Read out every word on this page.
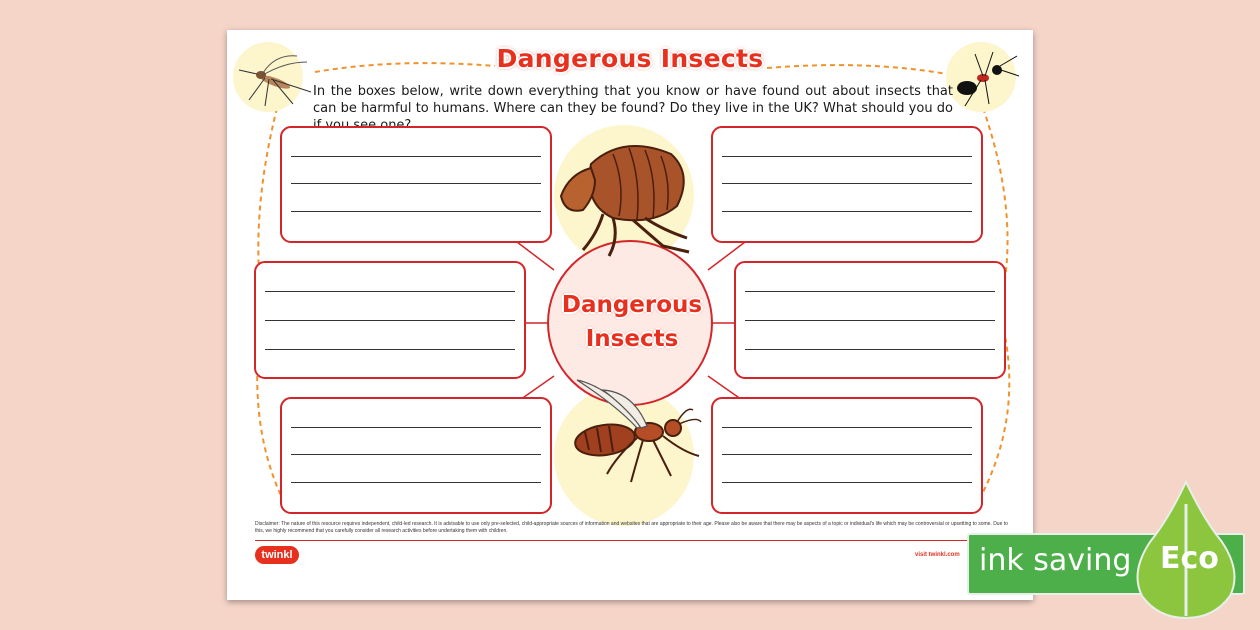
Dangerous Insects
In the boxes below, write down everything that you know or have found out about insects that can be harmful to humans. Where can they be found? Do they live in the UK? What should you do
Dangerous
Insects
Disclaimer: The nature of this resource requires independent, child-led research. It is advisable to use only pre-selected, child-appropriate sources of information and websites that are appropriate to their age. Please also be aware that there may be aspects of a topic or individual's life which may be controversial or upsetting to some. Due to this, we highly recommend that you carefully consider all research activities before undertaking them with children.
twinkl	visit twinkl.com ink saving Eco
